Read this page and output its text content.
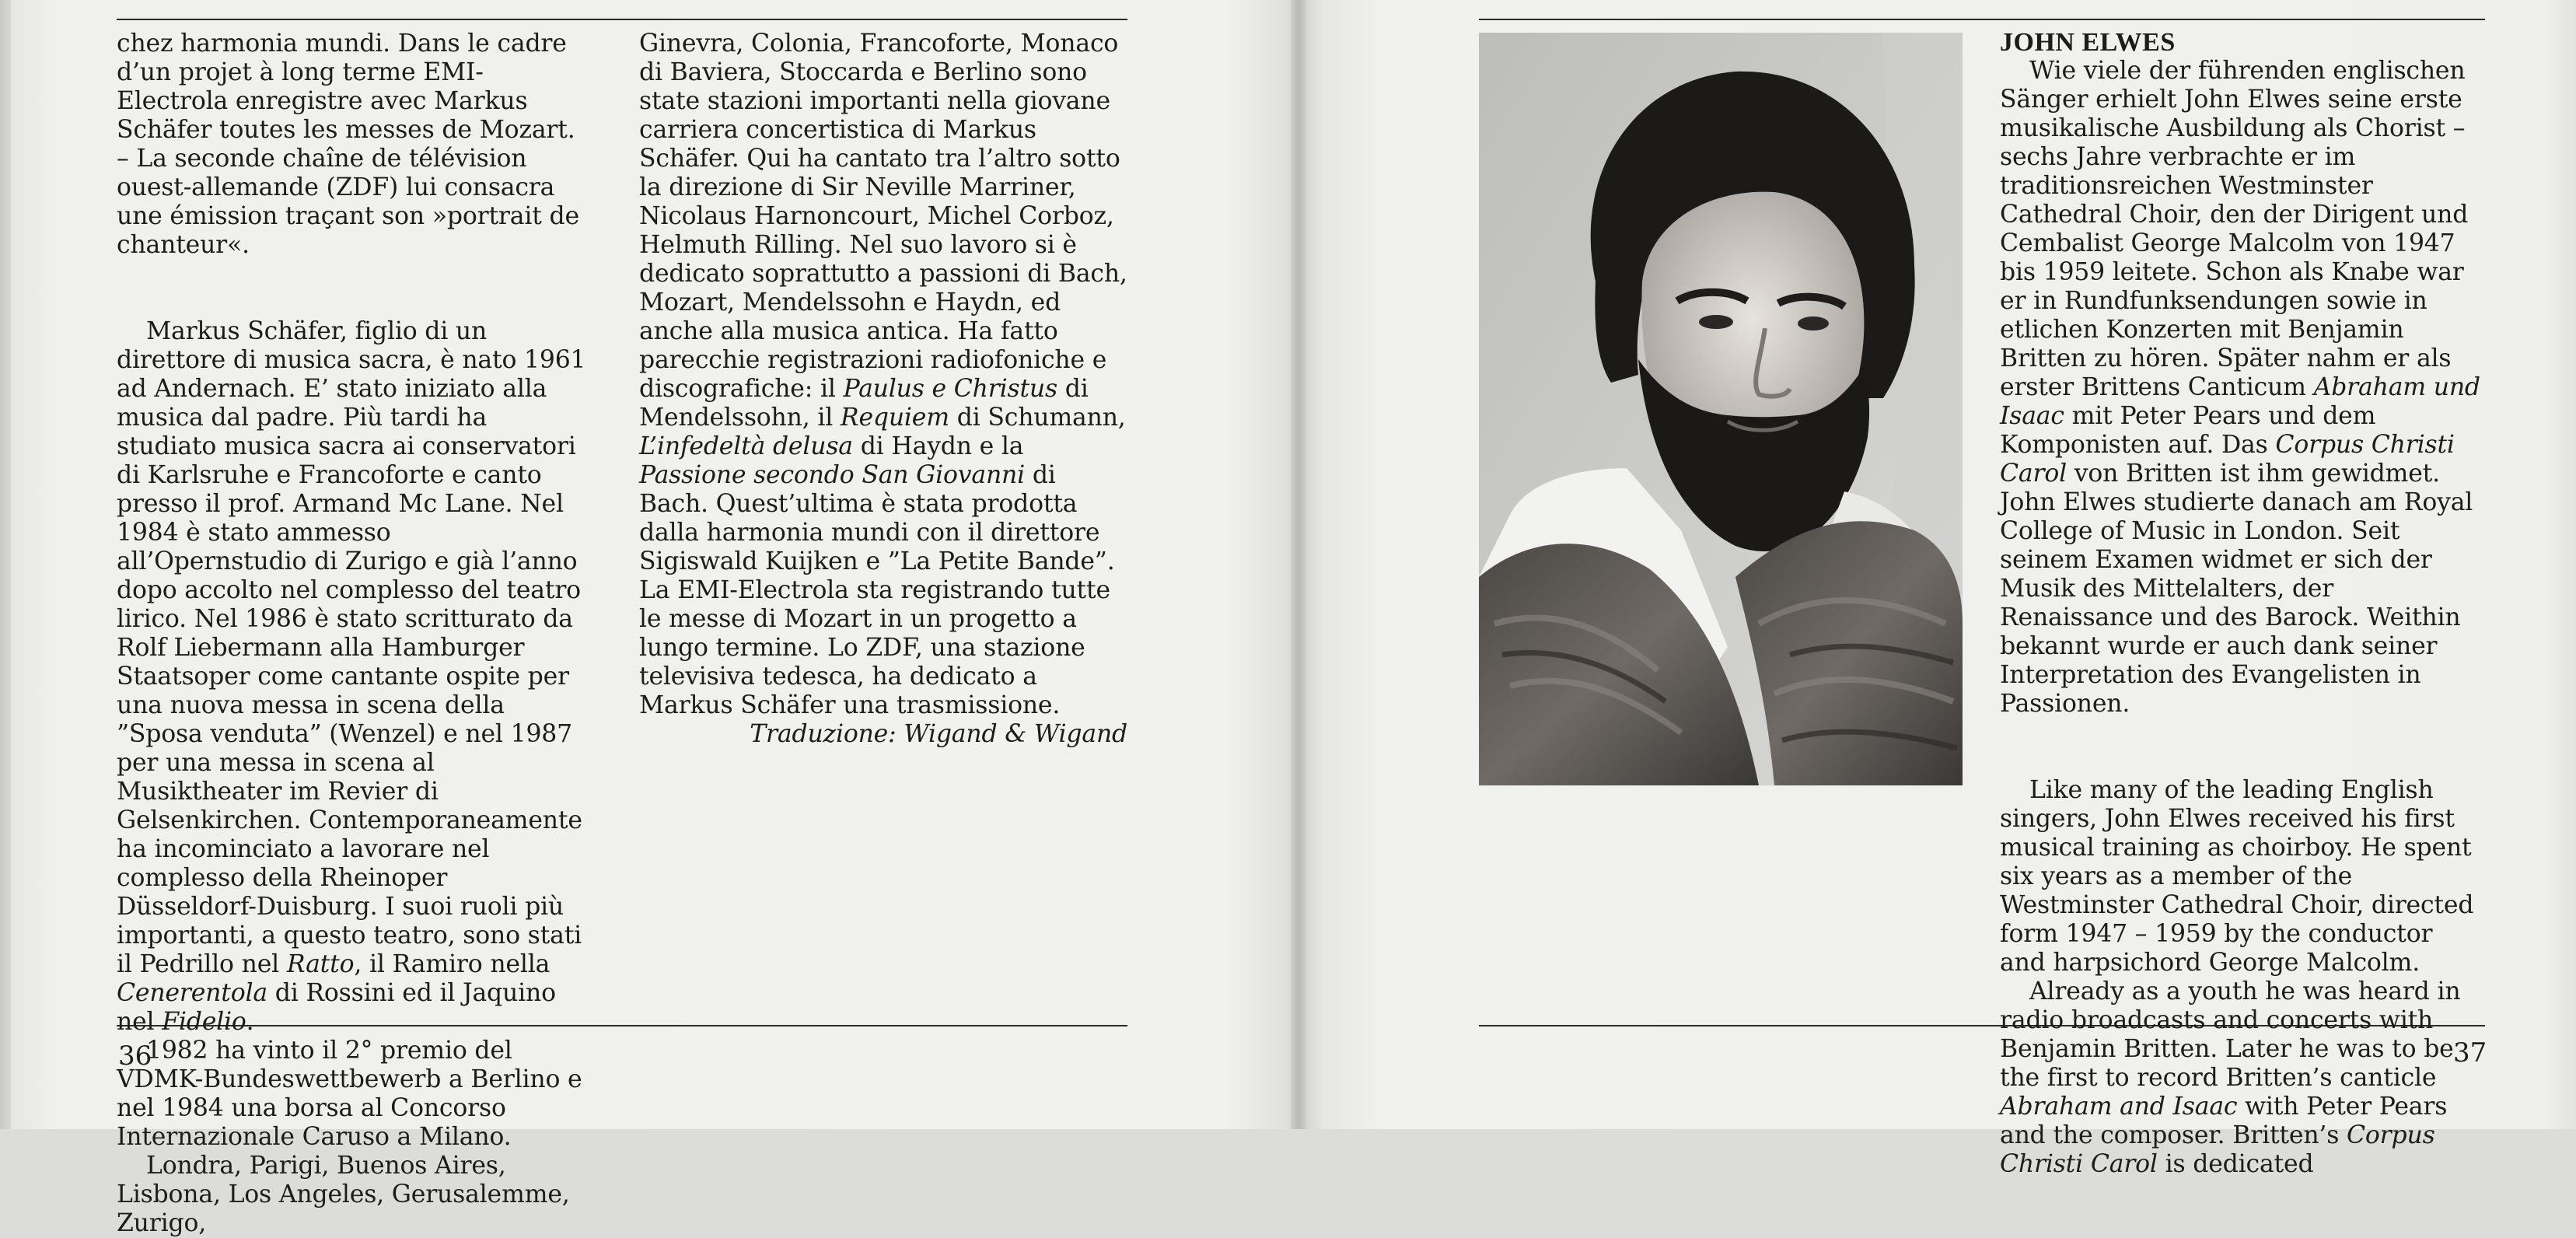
chez harmonia mundi. Dans le cadre d’un projet à long terme EMI-Electrola enregistre avec Markus Schäfer toutes les messes de Mozart. – La seconde chaîne de télévision ouest-allemande (ZDF) lui consacra une émission traçant son »portrait de chanteur«.

Markus Schäfer, figlio di un direttore di musica sacra, è nato 1961 ad Andernach. E’ stato iniziato alla musica dal padre. Più tardi ha studiato musica sacra ai conservatori di Karlsruhe e Francoforte e canto presso il prof. Armand Mc Lane. Nel 1984 è stato ammesso all’Opernstudio di Zurigo e già l’anno dopo accolto nel complesso del teatro lirico. Nel 1986 è stato scritturato da Rolf Liebermann alla Hamburger Staatsoper come cantante ospite per una nuova messa in scena della ”Sposa venduta” (Wenzel) e nel 1987 per una messa in scena al Musiktheater im Revier di Gelsenkirchen. Contemporaneamente ha incominciato a lavorare nel complesso della Rheinoper Düsseldorf-Duisburg. I suoi ruoli più importanti, a questo teatro, sono stati il Pedrillo nel Ratto, il Ramiro nella Cenerentola di Rossini ed il Jaquino nel Fidelio.

1982 ha vinto il 2° premio del VDMK-Bundeswettbewerb a Berlino e nel 1984 una borsa al Concorso Internazionale Caruso a Milano.

Londra, Parigi, Buenos Aires, Lisbona, Los Angeles, Gerusalemme, Zurigo,

Ginevra, Colonia, Francoforte, Monaco di Baviera, Stoccarda e Berlino sono state stazioni importanti nella giovane carriera concertistica di Markus Schäfer. Qui ha cantato tra l’altro sotto la direzione di Sir Neville Marriner, Nicolaus Harnoncourt, Michel Corboz, Helmuth Rilling. Nel suo lavoro si è dedicato soprattutto a passioni di Bach, Mozart, Mendelssohn e Haydn, ed anche alla musica antica. Ha fatto parecchie registrazioni radiofoniche e discografiche: il Paulus e Christus di Mendelssohn, il Requiem di Schumann, L’infedeltà delusa di Haydn e la Passione secondo San Giovanni di Bach. Quest’ultima è stata prodotta dalla harmonia mundi con il direttore Sigiswald Kuijken e ”La Petite Bande”. La EMI-Electrola sta registrando tutte le messe di Mozart in un progetto a lungo termine. Lo ZDF, una stazione televisiva tedesca, ha dedicato a Markus Schäfer una trasmissione.

Traduzione: Wigand & Wigand

36

JOHN ELWES

Wie viele der führenden englischen Sänger erhielt John Elwes seine erste musikalische Ausbildung als Chorist – sechs Jahre verbrachte er im traditionsreichen Westminster Cathedral Choir, den der Dirigent und Cembalist George Malcolm von 1947 bis 1959 leitete. Schon als Knabe war er in Rundfunksendungen sowie in etlichen Konzerten mit Benjamin Britten zu hören. Später nahm er als erster Brittens Canticum Abraham und Isaac mit Peter Pears und dem Komponisten auf. Das Corpus Christi Carol von Britten ist ihm gewidmet. John Elwes studierte danach am Royal College of Music in London. Seit seinem Examen widmet er sich der Musik des Mittelalters, der Renaissance und des Barock. Weithin bekannt wurde er auch dank seiner Interpretation des Evangelisten in Passionen.

Like many of the leading English singers, John Elwes received his first musical training as choirboy. He spent six years as a member of the Westminster Cathedral Choir, directed form 1947 – 1959 by the conductor and harpsichord George Malcolm.

Already as a youth he was heard in radio broadcasts and concerts with Benjamin Britten. Later he was to be the first to record Britten’s canticle Abraham and Isaac with Peter Pears and the composer. Britten’s Corpus Christi Carol is dedicated

37
